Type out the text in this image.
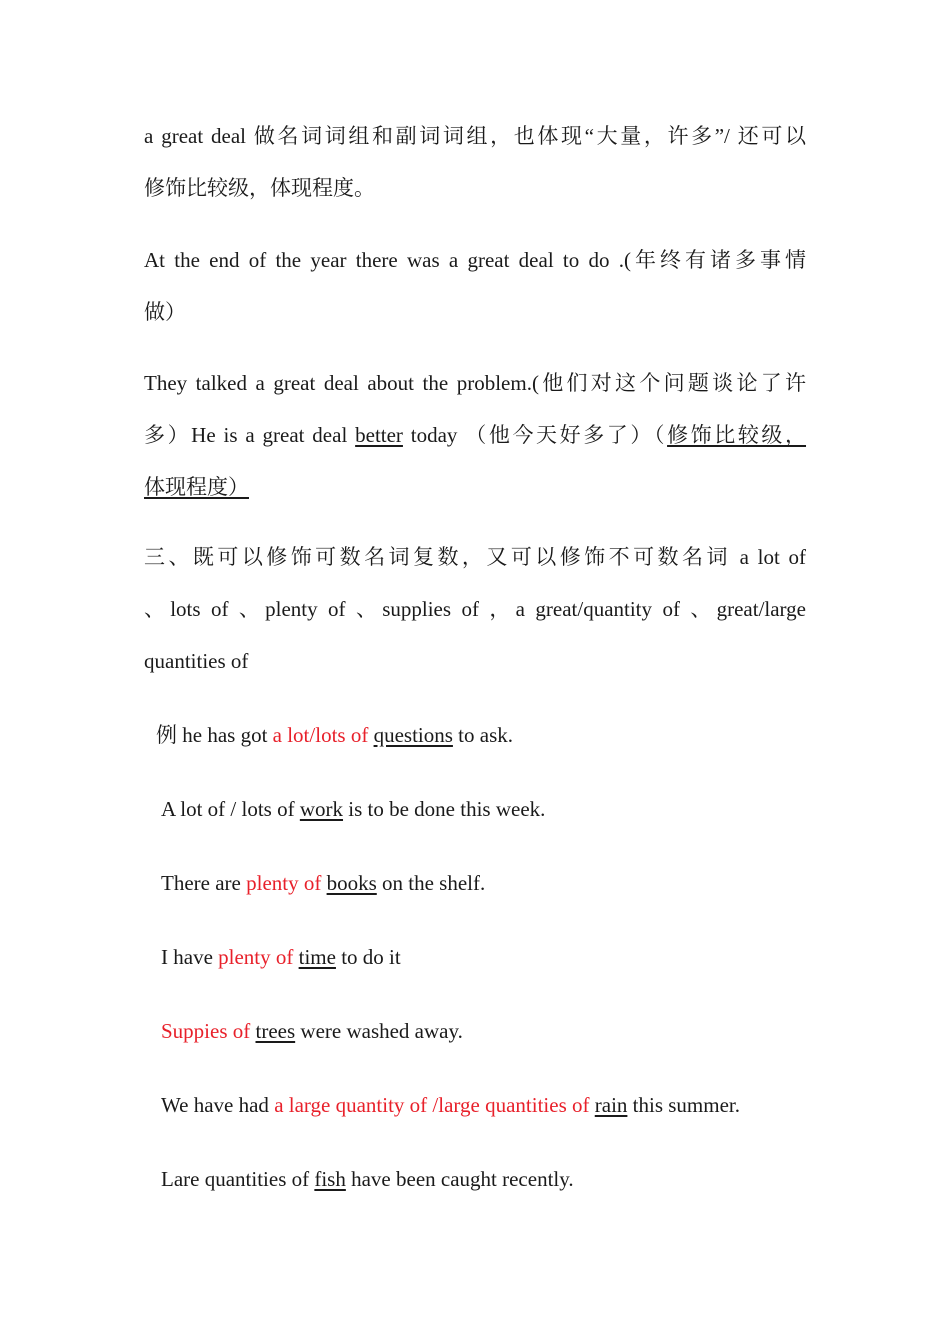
a great deal 做名词词组和副词词组，也体现“大量，许多”/ 还可以
修饰比较级，体现程度。

At the end of the year there was a great deal to do .(年终有诸多事情
做）

They talked a great deal about the problem.(他们对这个问题谈论了许
多）He is a great deal better today （他今天好多了）（修饰比较级，
体现程度）

三、既可以修饰可数名词复数，又可以修饰不可数名词 a lot of
、lots of 、plenty of 、supplies of ，a great/quantity of 、great/large
quantities of

例 he has got a lot/lots of questions to ask.
A lot of / lots of work is to be done this week.
There are plenty of books on the shelf.
I have plenty of time to do it
Suppies of trees were washed away.
We have had a large quantity of /large quantities of rain this summer.
Lare quantities of fish have been caught recently.
